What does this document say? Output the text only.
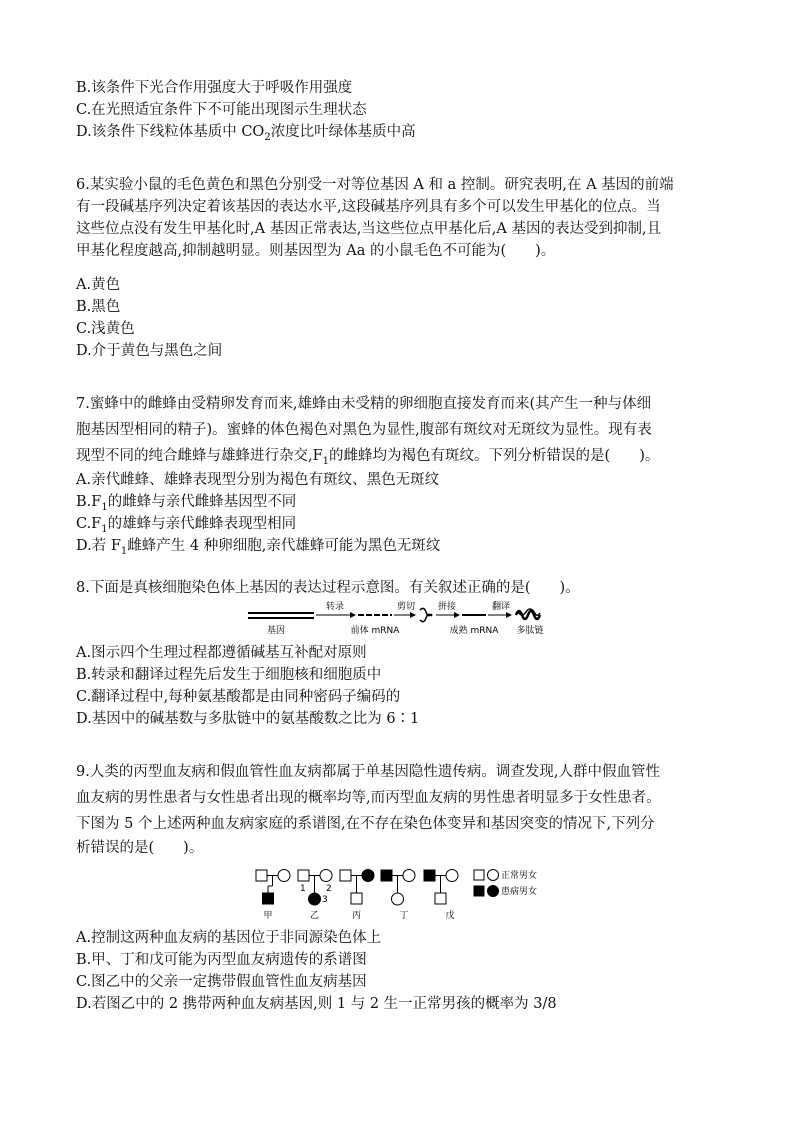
B.该条件下光合作用强度大于呼吸作用强度
C.在光照适宜条件下不可能出现图示生理状态
D.该条件下线粒体基质中 $CO_2$浓度比叶绿体基质中高
6.某实验小鼠的毛色黄色和黑色分别受一对等位基因 A 和 a 控制。研究表明,在 A 基因的前端
有一段碱基序列决定着该基因的表达水平,这段碱基序列具有多个可以发生甲基化的位点。当
这些位点没有发生甲基化时,A 基因正常表达,当这些位点甲基化后,A 基因的表达受到抑制,且
甲基化程度越高,抑制越明显。则基因型为 Aa 的小鼠毛色不可能为(　　)。
A.黄色
B.黑色
C.浅黄色
D.介于黄色与黑色之间
7.蜜蜂中的雌蜂由受精卵发育而来,雄蜂由未受精的卵细胞直接发育而来(其产生一种与体细
胞基因型相同的精子)。蜜蜂的体色褐色对黑色为显性,腹部有斑纹对无斑纹为显性。现有表
现型不同的纯合雌蜂与雄蜂进行杂交$,F_1$的雌蜂均为褐色有斑纹。下列分析错误的是(　　)。
A.亲代雌蜂、雄蜂表现型分别为褐色有斑纹、黑色无斑纹
$B.F_1$的雌蜂与亲代雌蜂基因型不同
$C.F_1$的雄蜂与亲代雌蜂表现型相同
D.若 $F_1$雌蜂产生 4 种卵细胞,亲代雄蜂可能为黑色无斑纹
8.下面是真核细胞染色体上基因的表达过程示意图。有关叙述正确的是(　　)。
基因
转录
前体 mRNA
剪切	拼接
成熟 mRNA
翻译
多肽链
A.图示四个生理过程都遵循碱基互补配对原则
B.转录和翻译过程先后发生于细胞核和细胞质中
C.翻译过程中,每种氨基酸都是由同种密码子编码的
D.基因中的碱基数与多肽链中的氨基酸数之比为 6∶1
9.人类的丙型血友病和假血管性血友病都属于单基因隐性遗传病。调查发现,人群中假血管性
血友病的男性患者与女性患者出现的概率均等,而丙型血友病的男性患者明显多于女性患者。
下图为 5 个上述两种血友病家庭的系谱图,在不存在染色体变异和基因突变的情况下,下列分
析错误的是(　　)。
1 2
3
甲	乙	丙	丁	戊
正常男女
患病男女
A.控制这两种血友病的基因位于非同源染色体上
B.甲、丁和戊可能为丙型血友病遗传的系谱图
C.图乙中的父亲一定携带假血管性血友病基因
D.若图乙中的 2 携带两种血友病基因,则 1 与 2 生一正常男孩的概率为 3/8
